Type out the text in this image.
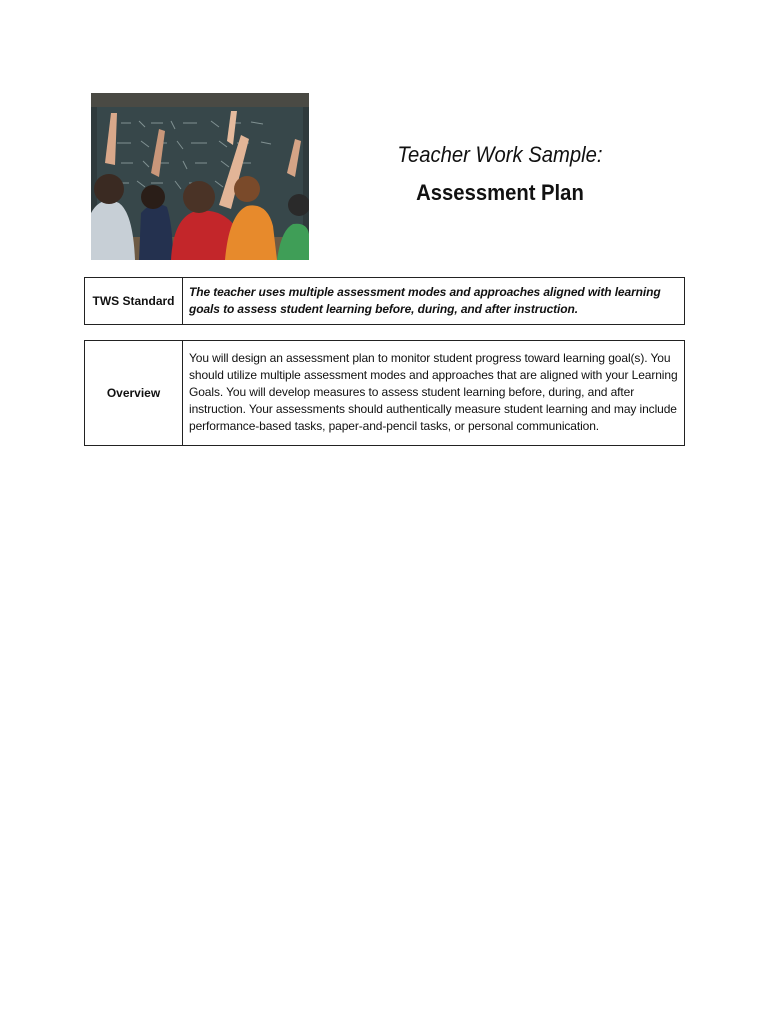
Teacher Work Sample:
Assessment Plan
TWS Standard
The teacher uses multiple assessment modes and approaches aligned with learning goals to assess student learning before, during, and after instruction.
Overview
You will design an assessment plan to monitor student progress toward learning goal(s). You should utilize multiple assessment modes and approaches that are aligned with your Learning Goals. You will develop measures to assess student learning before, during, and after instruction. Your assessments should authentically measure student learning and may include performance-based tasks, paper-and-pencil tasks, or personal communication.
